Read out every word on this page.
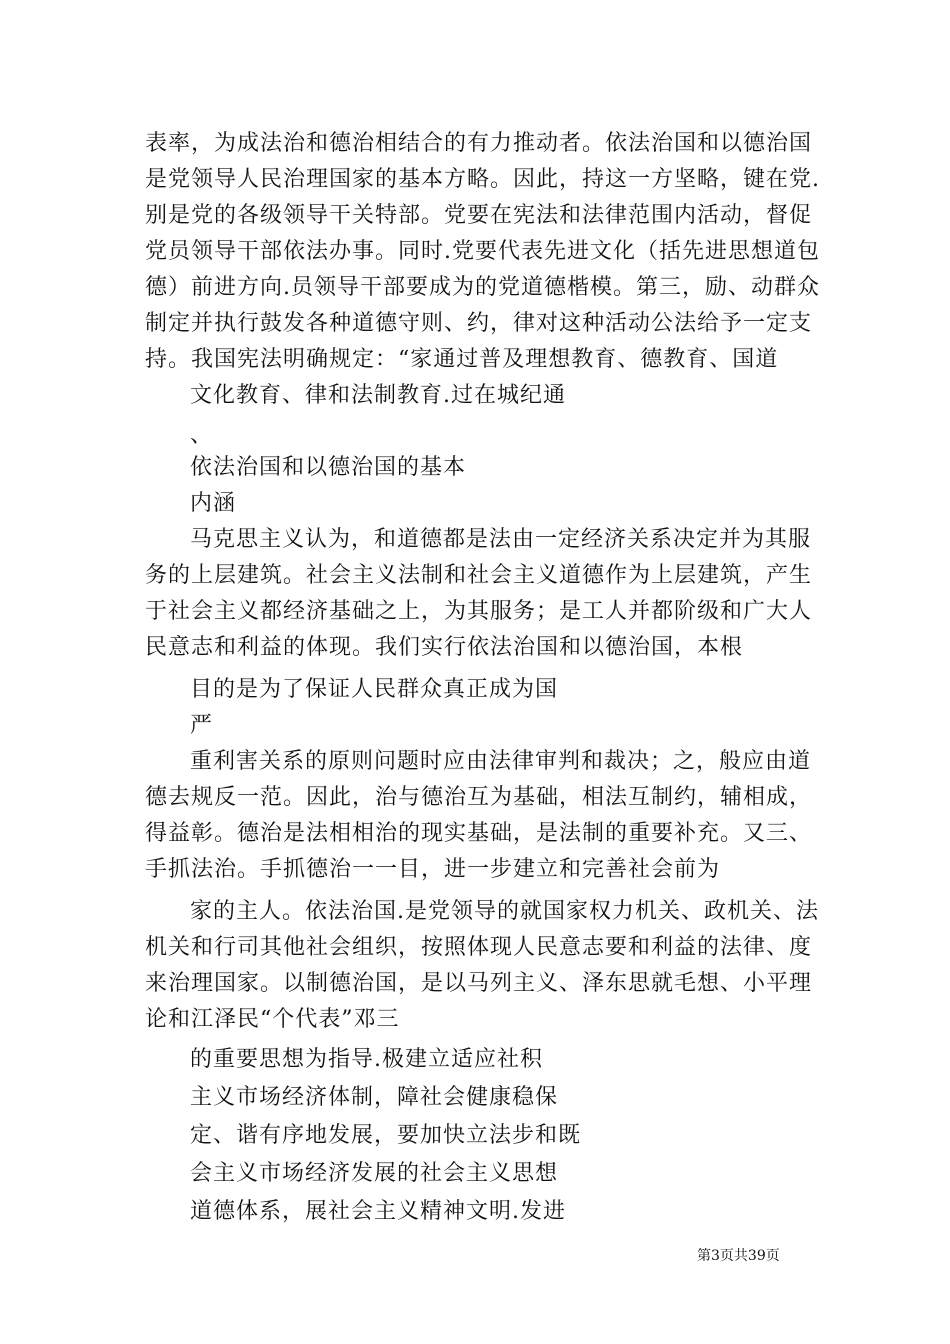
表率，为成法治和德治相结合的有力推动者。依法治国和以德治国
是党领导人民治理国家的基本方略。因此，持这一方坚略，键在党.
别是党的各级领导干关特部。党要在宪法和法律范围内活动，督促
党员领导干部依法办事。同时.党要代表先进文化（括先进思想道包
德）前进方向.员领导干部要成为的党道德楷模。第三，励、动群众
制定并执行鼓发各种道德守则、约，律对这种活动公法给予一定支
持。我国宪法明确规定：“家通过普及理想教育、德教育、国道
文化教育、律和法制教育.过在城纪通
、
依法治国和以德治国的基本
内涵
马克思主义认为，和道德都是法由一定经济关系决定并为其服
务的上层建筑。社会主义法制和社会主义道德作为上层建筑，产生
于社会主义都经济基础之上，为其服务；是工人并都阶级和广大人
民意志和利益的体现。我们实行依法治国和以德治国，本根
目的是为了保证人民群众真正成为国
严
重利害关系的原则问题时应由法律审判和裁决；之，般应由道
德去规反一范。因此，治与德治互为基础，相法互制约，辅相成，
得益彰。德治是法相相治的现实基础，是法制的重要补充。又三、
手抓法治。手抓德治一一目，进一步建立和完善社会前为
家的主人。依法治国.是党领导的就国家权力机关、政机关、法
机关和行司其他社会组织，按照体现人民意志要和利益的法律、度
来治理国家。以制德治国，是以马列主义、泽东思就毛想、小平理
论和江泽民“个代表”邓三
的重要思想为指导.极建立适应社积
主义市场经济体制，障社会健康稳保
定、谐有序地发展，要加快立法步和既
会主义市场经济发展的社会主义思想
道德体系，展社会主义精神文明.发进
第3页共39页
